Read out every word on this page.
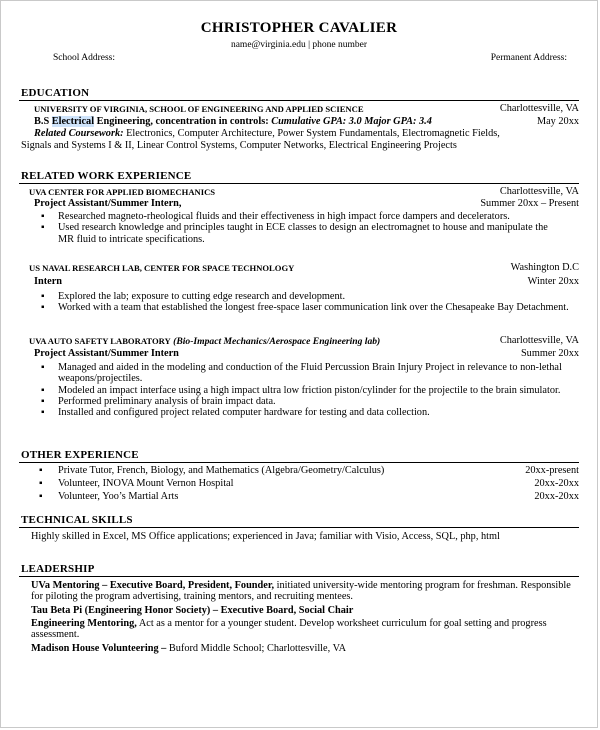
CHRISTOPHER CAVALIER
name@virginia.edu | phone number
School Address:	Permanent Address:
EDUCATION
UNIVERSITY OF VIRGINIA, SCHOOL OF ENGINEERING AND APPLIED SCIENCE	Charlottesville, VA
B.S Electrical Engineering, concentration in controls: Cumulative GPA: 3.0 Major GPA: 3.4	May 20xx
Related Coursework: Electronics, Computer Architecture, Power System Fundamentals, Electromagnetic Fields,
Signals and Systems I & II, Linear Control Systems, Computer Networks, Electrical Engineering Projects
RELATED WORK EXPERIENCE
UVA CENTER FOR APPLIED BIOMECHANICS	Charlottesville, VA
Project Assistant/Summer Intern,	Summer 20xx – Present
▪ Researched magneto-rheological fluids and their effectiveness in high impact force dampers and decelerators.
▪ Used research knowledge and principles taught in ECE classes to design an electromagnet to house and manipulate the MR fluid to intricate specifications.
US NAVAL RESEARCH LAB, CENTER FOR SPACE TECHNOLOGY	Washington D.C
Intern	Winter 20xx
▪ Explored the lab; exposure to cutting edge research and development.
▪ Worked with a team that established the longest free-space laser communication link over the Chesapeake Bay Detachment.
UVA AUTO SAFETY LABORATORY (Bio-Impact Mechanics/Aerospace Engineering lab)	Charlottesville, VA
Project Assistant/Summer Intern	Summer 20xx
▪ Managed and aided in the modeling and conduction of the Fluid Percussion Brain Injury Project in relevance to non-lethal weapons/projectiles.
▪ Modeled an impact interface using a high impact ultra low friction piston/cylinder for the projectile to the brain simulator.
▪ Performed preliminary analysis of brain impact data.
▪ Installed and configured project related computer hardware for testing and data collection.
OTHER EXPERIENCE
▪ Private Tutor, French, Biology, and Mathematics (Algebra/Geometry/Calculus)	20xx-present
▪ Volunteer, INOVA Mount Vernon Hospital	20xx-20xx
▪ Volunteer, Yoo’s Martial Arts	20xx-20xx
TECHNICAL SKILLS
Highly skilled in Excel, MS Office applications; experienced in Java; familiar with Visio, Access, SQL, php, html
LEADERSHIP
UVa Mentoring – Executive Board, President, Founder, initiated university-wide mentoring program for freshman. Responsible for piloting the program advertising, training mentors, and recruiting mentees.
Tau Beta Pi (Engineering Honor Society) – Executive Board, Social Chair
Engineering Mentoring, Act as a mentor for a younger student. Develop worksheet curriculum for goal setting and progress assessment.
Madison House Volunteering – Buford Middle School; Charlottesville, VA
